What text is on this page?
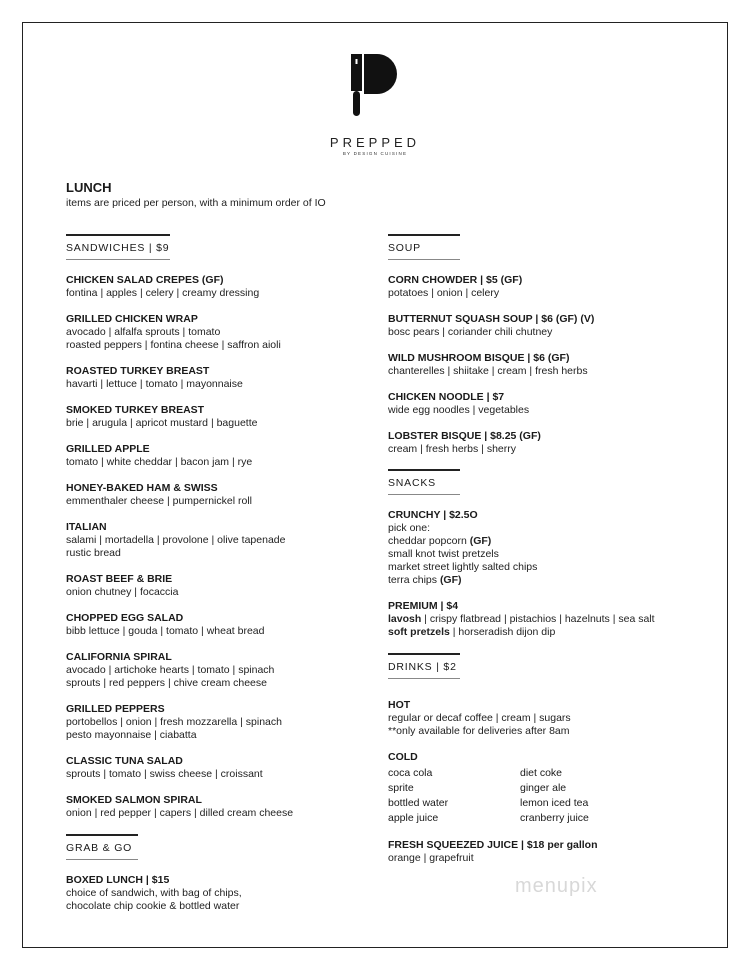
PREPPED
BY DESIGN CUISINE
LUNCH
items are priced per person, with a minimum order of IO
SANDWICHES | $9
CHICKEN SALAD CREPES (GF)
fontina | apples | celery | creamy dressing
GRILLED CHICKEN WRAP
avocado | alfalfa sprouts | tomato
roasted peppers | fontina cheese | saffron aioli
ROASTED TURKEY BREAST
havarti | lettuce | tomato | mayonnaise
SMOKED TURKEY BREAST
brie | arugula | apricot mustard | baguette
GRILLED APPLE
tomato | white cheddar | bacon jam | rye
HONEY-BAKED HAM & SWISS
emmenthaler cheese | pumpernickel roll
ITALIAN
salami | mortadella | provolone | olive tapenade
rustic bread
ROAST BEEF & BRIE
onion chutney | focaccia
CHOPPED EGG SALAD
bibb lettuce | gouda | tomato | wheat bread
CALIFORNIA SPIRAL
avocado | artichoke hearts | tomato | spinach
sprouts | red peppers | chive cream cheese
GRILLED PEPPERS
portobellos | onion | fresh mozzarella | spinach
pesto mayonnaise | ciabatta
CLASSIC TUNA SALAD
sprouts | tomato | swiss cheese | croissant
SMOKED SALMON SPIRAL
onion | red pepper | capers | dilled cream cheese
GRAB & GO
BOXED LUNCH | $15
choice of sandwich, with bag of chips,
chocolate chip cookie & bottled water
SOUP
CORN CHOWDER | $5 (GF)
potatoes | onion | celery
BUTTERNUT SQUASH SOUP | $6 (GF) (V)
bosc pears | coriander chili chutney
WILD MUSHROOM BISQUE | $6 (GF)
chanterelles | shiitake | cream | fresh herbs
CHICKEN NOODLE | $7
wide egg noodles | vegetables
LOBSTER BISQUE | $8.25 (GF)
cream | fresh herbs | sherry
SNACKS
CRUNCHY | $2.5O
pick one:
cheddar popcorn (GF)
small knot twist pretzels
market street lightly salted chips
terra chips (GF)
PREMIUM | $4
lavosh | crispy flatbread | pistachios | hazelnuts | sea salt
soft pretzels | horseradish dijon dip
DRINKS | $2
HOT
regular or decaf coffee | cream | sugars
**only available for deliveries after 8am
COLD
coca cola	diet coke
sprite	ginger ale
bottled water	lemon iced tea
apple juice	cranberry juice
FRESH SQUEEZED JUICE | $18 per gallon
orange | grapefruit
menupix
